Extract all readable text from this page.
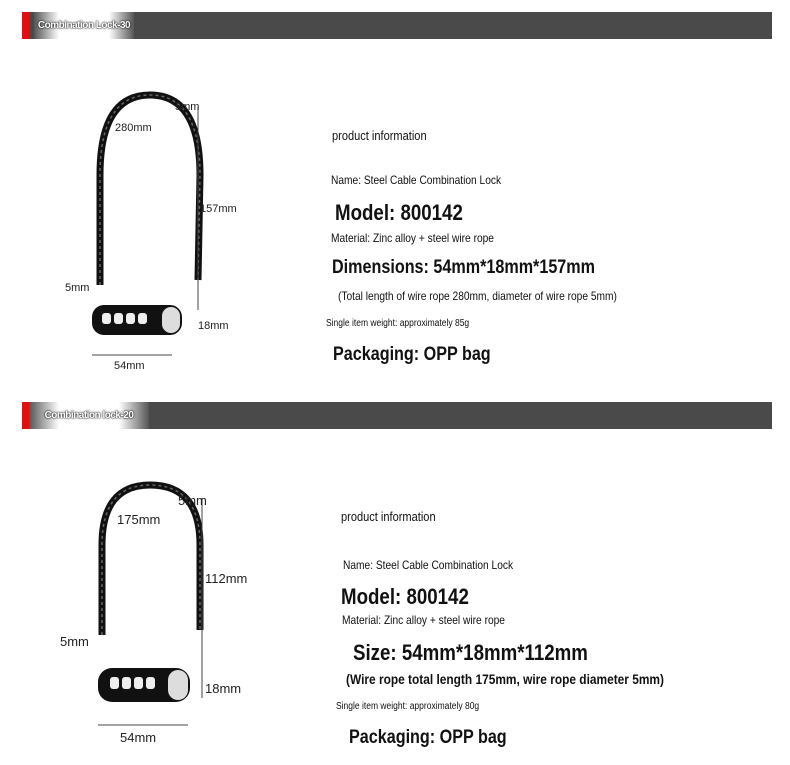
Combination Lock-30
280mm
5mm
157mm
5mm
18mm
54mm
product information
Name: Steel Cable Combination Lock
Model: 800142
Material: Zinc alloy + steel wire rope
Dimensions: 54mm*18mm*157mm
(Total length of wire rope 280mm, diameter of wire rope 5mm)
Single item weight: approximately 85g
Packaging: OPP bag
Combination lock-20
175mm
5mm
112mm
5mm
18mm
54mm
product information
Name: Steel Cable Combination Lock
Model: 800142
Material: Zinc alloy + steel wire rope
Size: 54mm*18mm*112mm
(Wire rope total length 175mm, wire rope diameter 5mm)
Single item weight: approximately 80g
Packaging: OPP bag
